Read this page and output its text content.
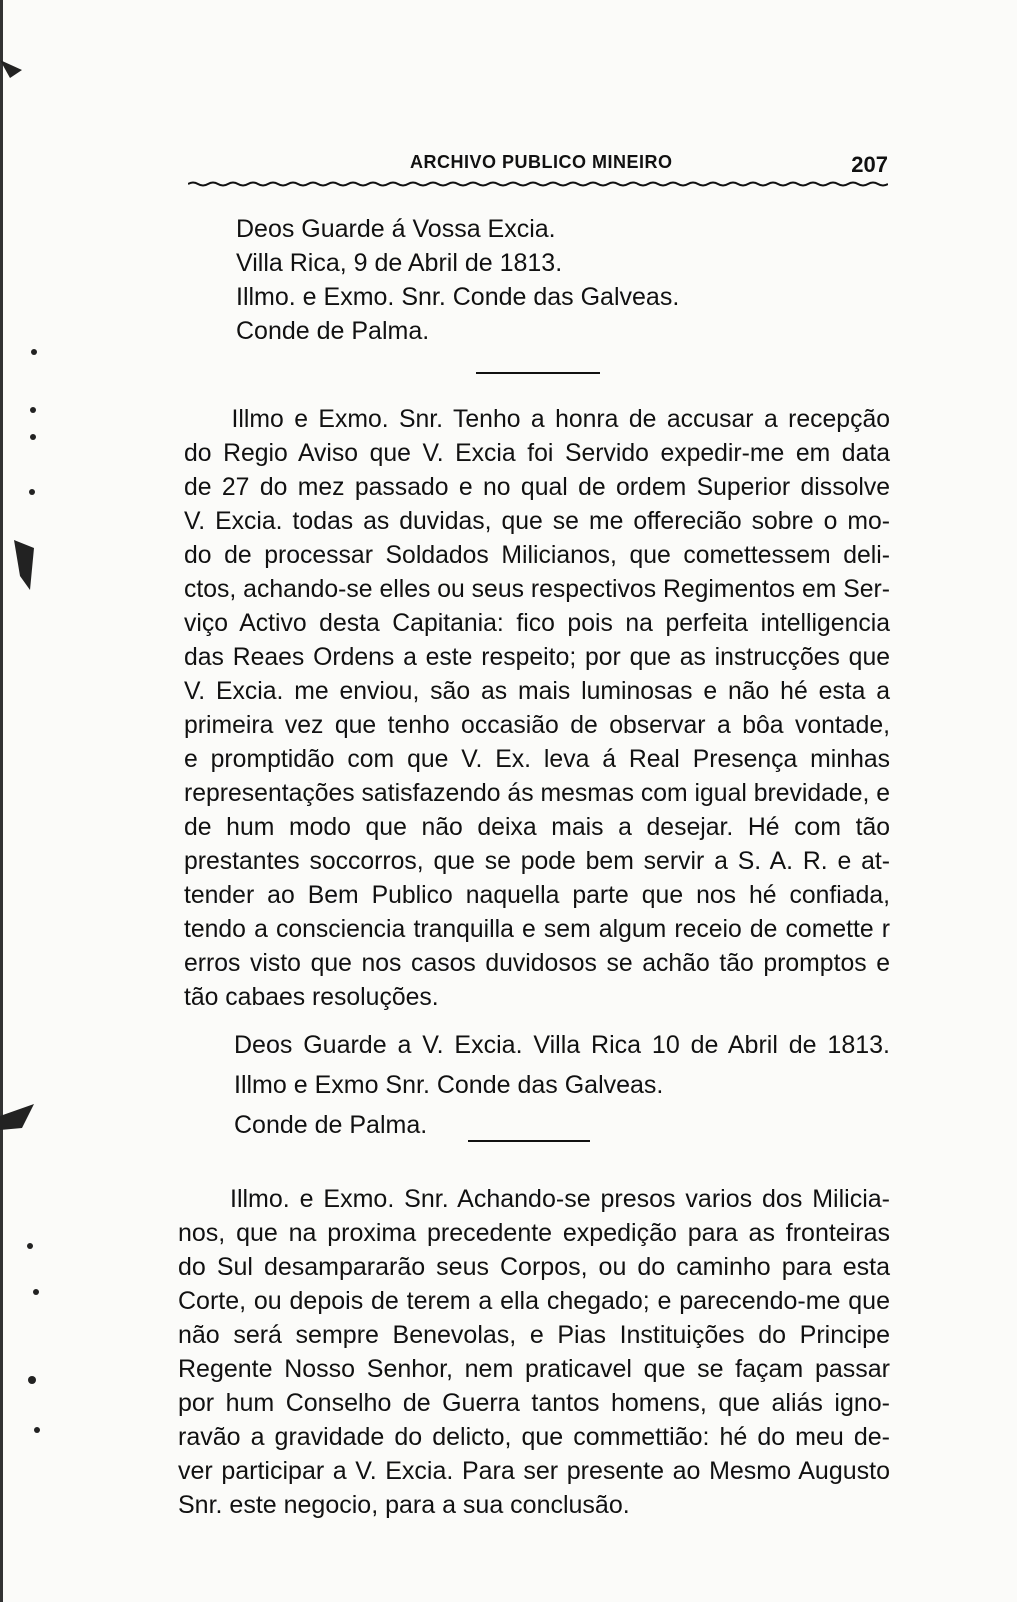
ARCHIVO PUBLICO MINEIRO	207
Deos Guarde á Vossa Excia.
Villa Rica, 9 de Abril de 1813.
Illmo. e Exmo. Snr. Conde das Galveas.
Conde de Palma.
Illmo e Exmo. Snr. Tenho a honra de accusar a recepção
do Regio Aviso que V. Excia foi Servido expedir-me em data
de 27 do mez passado e no qual de ordem Superior dissolve
V. Excia. todas as duvidas, que se me offerecião sobre o mo-
do de processar Soldados Milicianos, que comettessem deli-
ctos, achando-se elles ou seus respectivos Regimentos em Ser-
viço Activo desta Capitania: fico pois na perfeita intelligencia
das Reaes Ordens a este respeito; por que as instrucções que
V. Excia. me enviou, são as mais luminosas e não hé esta a
primeira vez que tenho occasião de observar a bôa vontade,
e promptidão com que V. Ex. leva á Real Presença minhas
representações satisfazendo ás mesmas com igual brevidade, e
de hum modo que não deixa mais a desejar. Hé com tão
prestantes soccorros, que se pode bem servir a S. A. R. e at-
tender ao Bem Publico naquella parte que nos hé confiada,
tendo a consciencia tranquilla e sem algum receio de comette r
erros visto que nos casos duvidosos se achão tão promptos e
tão cabaes resoluções.
Deos Guarde a V. Excia. Villa Rica 10 de Abril de 1813.
Illmo e Exmo Snr. Conde das Galveas.
Conde de Palma.
Illmo. e Exmo. Snr. Achando-se presos varios dos Milicia-
nos, que na proxima precedente expedição para as fronteiras
do Sul desampararão seus Corpos, ou do caminho para esta
Corte, ou depois de terem a ella chegado; e parecendo-me que
não será sempre Benevolas, e Pias Instituições do Principe
Regente Nosso Senhor, nem praticavel que se façam passar
por hum Conselho de Guerra tantos homens, que aliás igno-
ravão a gravidade do delicto, que commettião: hé do meu de-
ver participar a V. Excia. Para ser presente ao Mesmo Augusto
Snr. este negocio, para a sua conclusão.
